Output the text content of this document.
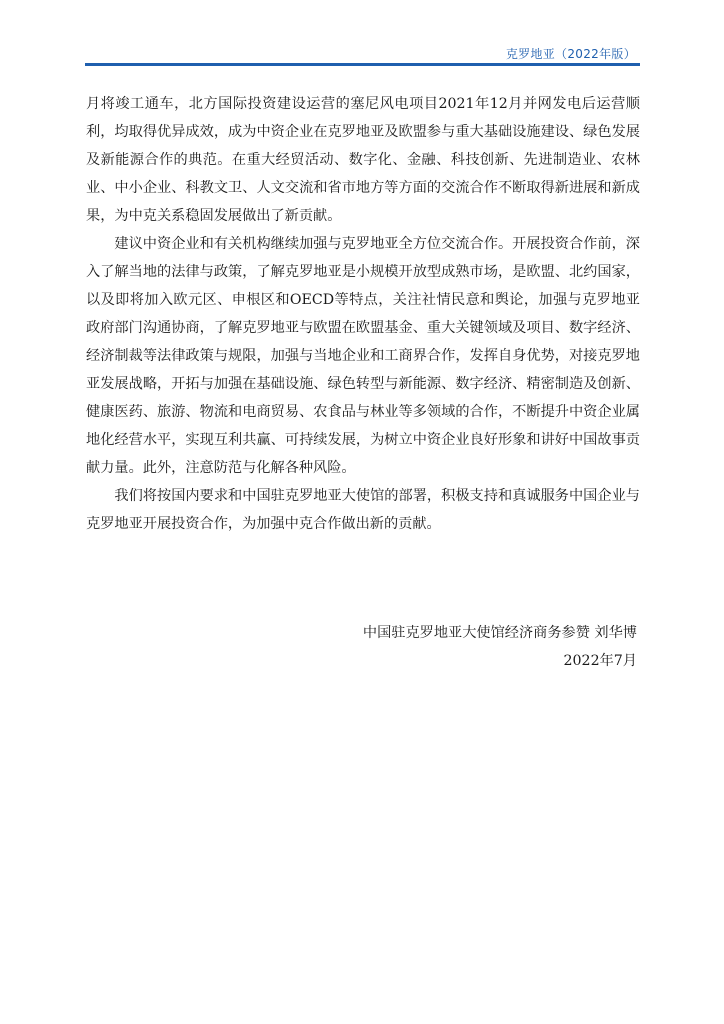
克罗地亚（2022年版）

月将竣工通车，北方国际投资建设运营的塞尼风电项目2021年12月并网发电后运营顺利，均取得优异成效，成为中资企业在克罗地亚及欧盟参与重大基础设施建设、绿色发展及新能源合作的典范。在重大经贸活动、数字化、金融、科技创新、先进制造业、农林业、中小企业、科教文卫、人文交流和省市地方等方面的交流合作不断取得新进展和新成果，为中克关系稳固发展做出了新贡献。

建议中资企业和有关机构继续加强与克罗地亚全方位交流合作。开展投资合作前，深入了解当地的法律与政策，了解克罗地亚是小规模开放型成熟市场，是欧盟、北约国家，以及即将加入欧元区、申根区和OECD等特点，关注社情民意和舆论，加强与克罗地亚政府部门沟通协商，了解克罗地亚与欧盟在欧盟基金、重大关键领域及项目、数字经济、经济制裁等法律政策与规限，加强与当地企业和工商界合作，发挥自身优势，对接克罗地亚发展战略，开拓与加强在基础设施、绿色转型与新能源、数字经济、精密制造及创新、健康医药、旅游、物流和电商贸易、农食品与林业等多领域的合作，不断提升中资企业属地化经营水平，实现互利共赢、可持续发展，为树立中资企业良好形象和讲好中国故事贡献力量。此外，注意防范与化解各种风险。

我们将按国内要求和中国驻克罗地亚大使馆的部署，积极支持和真诚服务中国企业与克罗地亚开展投资合作，为加强中克合作做出新的贡献。

中国驻克罗地亚大使馆经济商务参赞 刘华博
2022年7月
